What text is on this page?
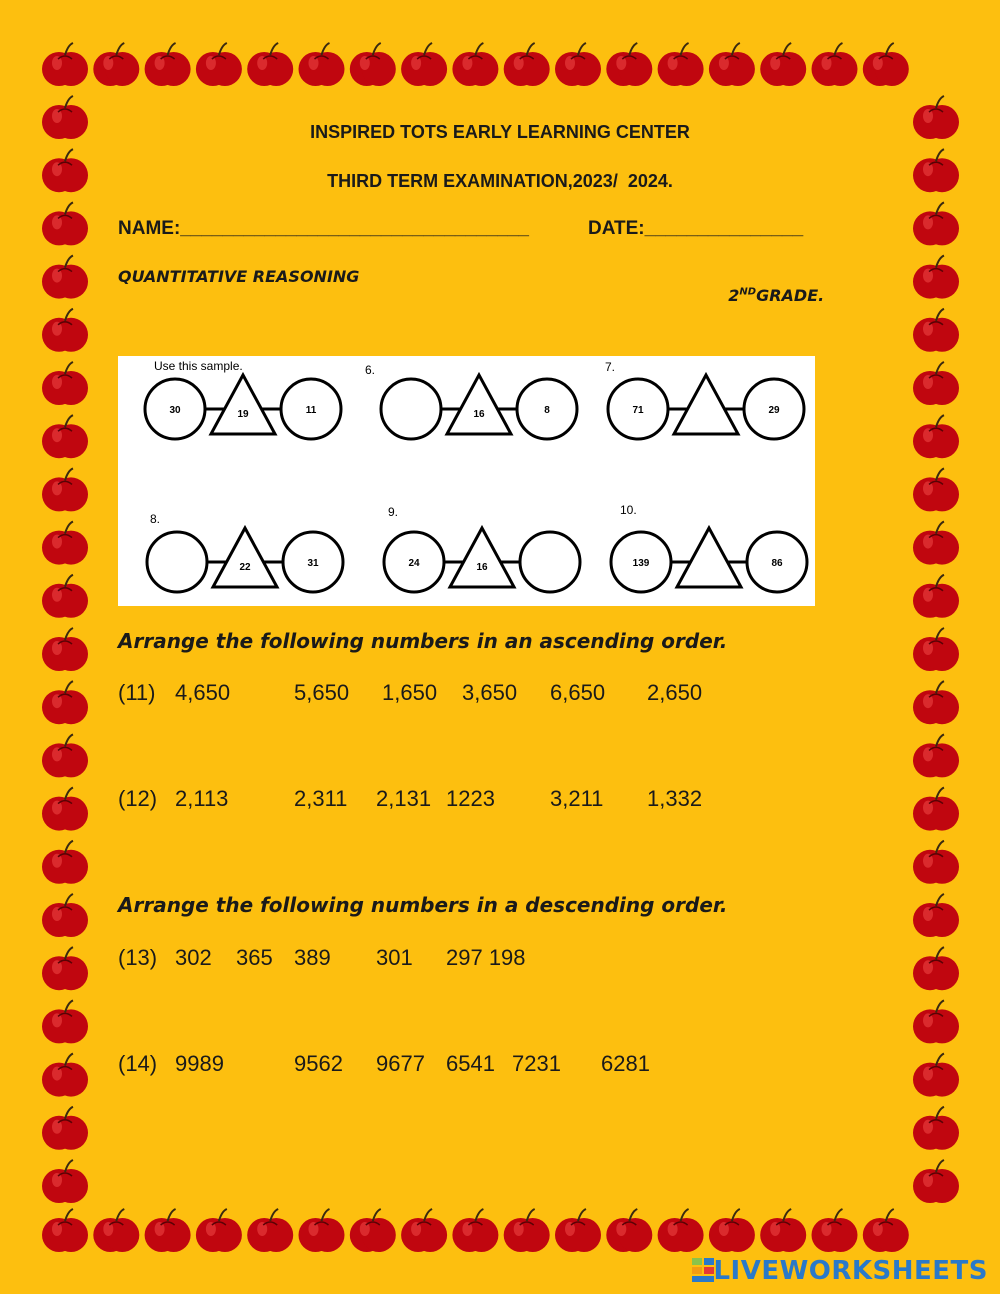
INSPIRED TOTS EARLY LEARNING CENTER
THIRD TERM EXAMINATION,2023/  2024.
NAME:_________________________________	DATE:_______________
QUANTITATIVE REASONING

2NDGRADE.

Use this sample.
30	19	11	16	8
6.
71	29
7.
22	31
8.
24	16
9.
139	86
10.
Arrange the following numbers in an ascending order.
(11) 4,650	5,650 1,650 3,650 6,650 2,650
(12) 2,113	2,311 2,131 1223	3,211 1,332
Arrange the following numbers in a descending order.
(13) 302 365 389 301 297 198
(14) 9989	9562 9677 6541 7231 6281
LIVEWORKSHEETS
